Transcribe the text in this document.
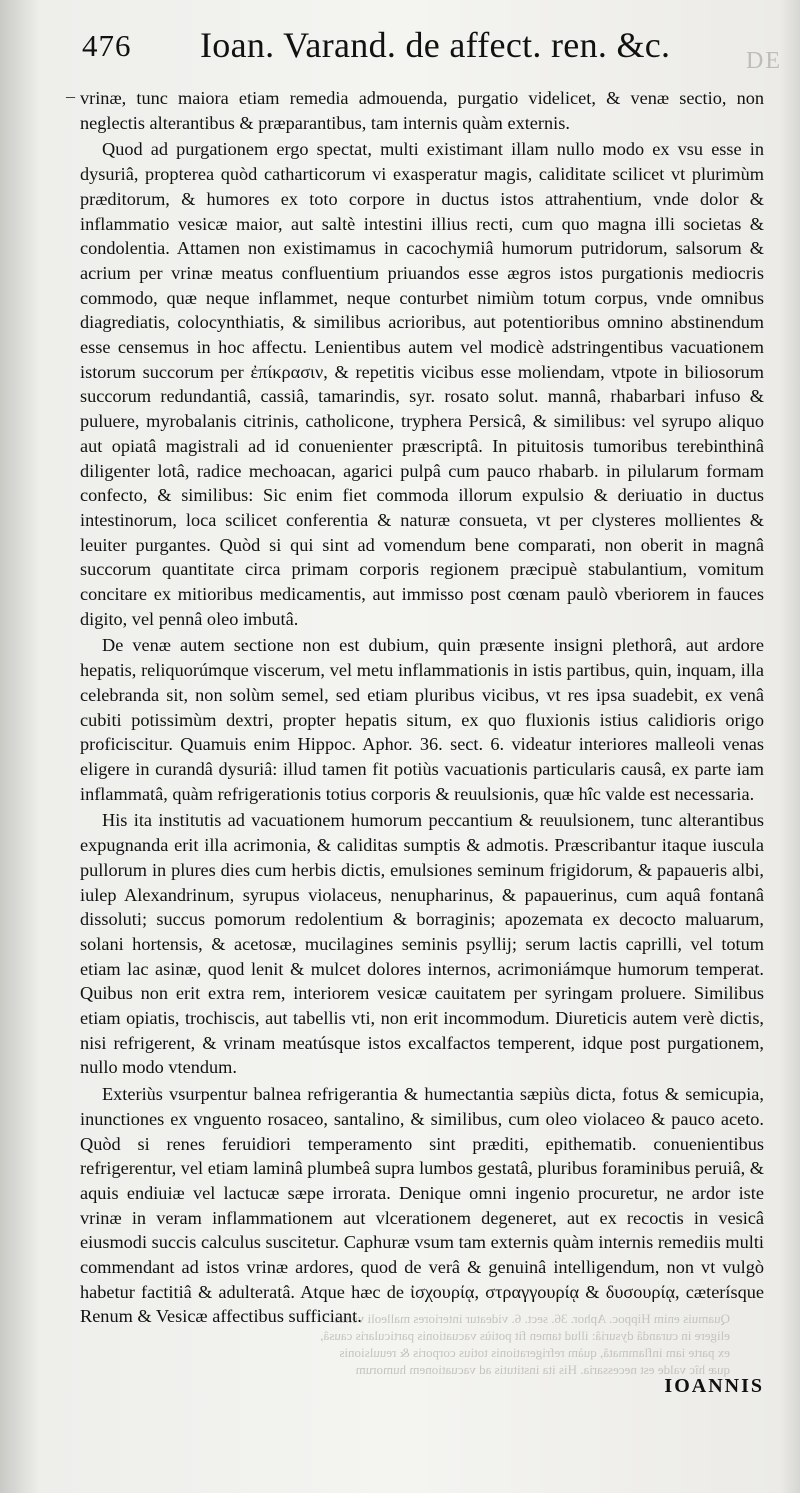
DE
Quamuis enim Hippoc. Aphor. 36. sect. 6. videatur interiores malleoli venas
eligere in curandâ dysuriâ: illud tamen fit potiùs vacuationis particularis causâ,
ex parte iam inflammatâ, quàm refrigerationis totius corporis & reuulsionis
quæ hîc valde est necessaria. His ita institutis ad vacuationem humorum
476 Ioan. Varand. de affect. ren. &c.
– vrinæ, tunc maiora etiam remedia admouenda, purgatio videlicet, & venæ sectio, non neglectis alterantibus & præparantibus, tam internis quàm externis.

Quod ad purgationem ergo spectat, multi existimant illam nullo modo ex vsu esse in dysuriâ, propterea quòd catharticorum vi exasperatur magis, caliditate scilicet vt plurimùm præditorum, & humores ex toto corpore in ductus istos attrahentium, vnde dolor & inflammatio vesicæ maior, aut saltè intestini illius recti, cum quo magna illi societas & condolentia. Attamen non existimamus in cacochymiâ humorum putridorum, salsorum & acrium per vrinæ meatus confluentium priuandos esse ægros istos purgationis mediocris commodo, quæ neque inflammet, neque conturbet nimiùm totum corpus, vnde omnibus diagrediatis, colocynthiatis, & similibus acrioribus, aut potentioribus omnino abstinendum esse censemus in hoc affectu. Lenientibus autem vel modicè adstringentibus vacuationem istorum succorum per ἐπίκρασιν, & repetitis vicibus esse moliendam, vtpote in biliosorum succorum redundantiâ, cassiâ, tamarindis, syr. rosato solut. mannâ, rhabarbari infuso & puluere, myrobalanis citrinis, catholicone, tryphera Persicâ, & similibus: vel syrupo aliquo aut opiatâ magistrali ad id conuenienter præscriptâ. In pituitosis tumoribus terebinthinâ diligenter lotâ, radice mechoacan, agarici pulpâ cum pauco rhabarb. in pilularum formam confecto, & similibus: Sic enim fiet commoda illorum expulsio & deriuatio in ductus intestinorum, loca scilicet conferentia & naturæ consueta, vt per clysteres mollientes & leuiter purgantes. Quòd si qui sint ad vomendum bene comparati, non oberit in magnâ succorum quantitate circa primam corporis regionem præcipuè stabulantium, vomitum concitare ex mitioribus medicamentis, aut immisso post cœnam paulò vberiorem in fauces digito, vel pennâ oleo imbutâ.

De venæ autem sectione non est dubium, quin præsente insigni plethorâ, aut ardore hepatis, reliquorúmque viscerum, vel metu inflammationis in istis partibus, quin, inquam, illa celebranda sit, non solùm semel, sed etiam pluribus vicibus, vt res ipsa suadebit, ex venâ cubiti potissimùm dextri, propter hepatis situm, ex quo fluxionis istius calidioris origo proficiscitur. Quamuis enim Hippoc. Aphor. 36. sect. 6. videatur interiores malleoli venas eligere in curandâ dysuriâ: illud tamen fit potiùs vacuationis particularis causâ, ex parte iam inflammatâ, quàm refrigerationis totius corporis & reuulsionis, quæ hîc valde est necessaria.

His ita institutis ad vacuationem humorum peccantium & reuulsionem, tunc alterantibus expugnanda erit illa acrimonia, & caliditas sumptis & admotis. Præscribantur itaque iuscula pullorum in plures dies cum herbis dictis, emulsiones seminum frigidorum, & papaueris albi, iulep Alexandrinum, syrupus violaceus, nenupharinus, & papauerinus, cum aquâ fontanâ dissoluti; succus pomorum redolentium & borraginis; apozemata ex decocto maluarum, solani hortensis, & acetosæ, mucilagines seminis psyllij; serum lactis caprilli, vel totum etiam lac asinæ, quod lenit & mulcet dolores internos, acrimoniámque humorum temperat. Quibus non erit extra rem, interiorem vesicæ cauitatem per syringam proluere. Similibus etiam opiatis, trochiscis, aut tabellis vti, non erit incommodum. Diureticis autem verè dictis, nisi refrigerent, & vrinam meatúsque istos excalfactos temperent, idque post purgationem, nullo modo vtendum.

Exteriùs vsurpentur balnea refrigerantia & humectantia sæpiùs dicta, fotus & semicupia, inunctiones ex vnguento rosaceo, santalino, & similibus, cum oleo violaceo & pauco aceto. Quòd si renes feruidiori temperamento sint præditi, epithematib. conuenientibus refrigerentur, vel etiam laminâ plumbeâ supra lumbos gestatâ, pluribus foraminibus peruiâ, & aquis endiuiæ vel lactucæ sæpe irrorata. Denique omni ingenio procuretur, ne ardor iste vrinæ in veram inflammationem aut vlcerationem degeneret, aut ex recoctis in vesicâ eiusmodi succis calculus suscitetur. Caphuræ vsum tam externis quàm internis remediis multi commendant ad istos vrinæ ardores, quod de verâ & genuinâ intelligendum, non vt vulgò habetur factitiâ & adulteratâ. Atque hæc de ἰσχουρίᾳ, στραγγουρίᾳ & δυσουρίᾳ, cæterísque Renum & Vesicæ affectibus sufficiant.

IOANNIS
